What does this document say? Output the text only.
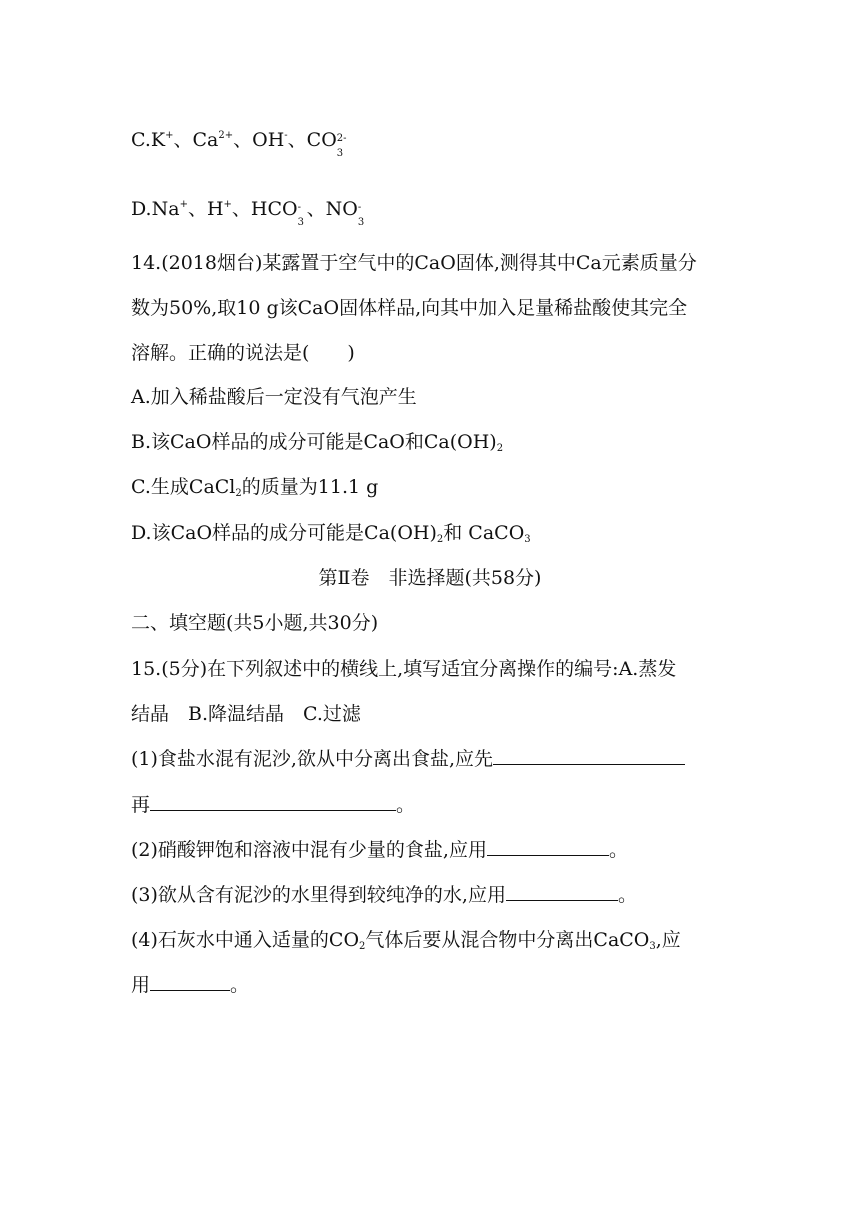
C.K+、$Ca^{2+}$、OH-、CO 2-
3
D.Na+、H+、HCO -
3
、NO -
3
14.(2018烟台)某露置于空气中的CaO固体,测得其中Ca元素质量分
数为50%,取10 g该CaO固体样品,向其中加入足量稀盐酸使其完全
溶解。正确的说法是(　　)
A.加入稀盐酸后一定没有气泡产生
B.该CaO样品的成分可能是CaO和$Ca(OH)_2$
C.生成CaCl$_2$的质量为11.1 g
D.该CaO样品的成分可能是$Ca(OH)_2$和 CaCO$_3$
第Ⅱ卷　非选择题(共58分)
二、填空题(共5小题,共30分)
15.(5分)在下列叙述中的横线上,填写适宜分离操作的编号:A.蒸发
结晶　B.降温结晶　C.过滤
(1)食盐水混有泥沙,欲从中分离出食盐,应先
再	。
(2)硝酸钾饱和溶液中混有少量的食盐,应用	。
(3)欲从含有泥沙的水里得到较纯净的水,应用	。
(4)石灰水中通入适量的$CO_2$气体后要从混合物中分离出CaCO$_3$,应
用	。
